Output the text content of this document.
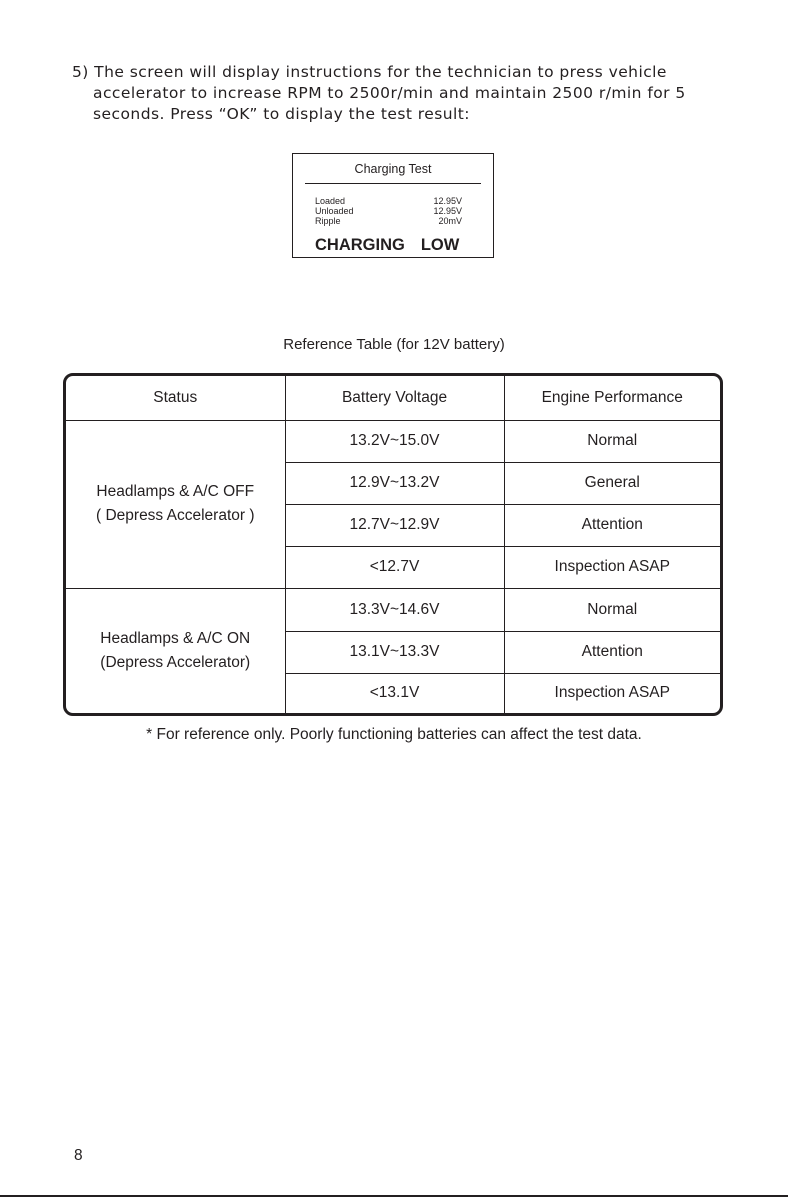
5) The screen will display instructions for the technician to press vehicle
accelerator to increase RPM to 2500r/min and maintain 2500 r/min for 5
seconds. Press “OK” to display the test result:
Charging Test
Loaded	12.95V
Unloaded	12.95V
Ripple	20mV
CHARGING LOW
Reference Table (for 12V battery)
Status	Battery Voltage	Engine Performance

Headlamps & A/C OFF
( Depress Accelerator )	13.2V~15.0V	Normal
	12.9V~13.2V	General
	12.7V~12.9V	Attention
	<12.7V	Inspection ASAP

Headlamps & A/C ON
(Depress Accelerator)	13.3V~14.6V	Normal
	13.1V~13.3V	Attention
	<13.1V	Inspection ASAP
* For reference only. Poorly functioning batteries can affect the test data.
8
